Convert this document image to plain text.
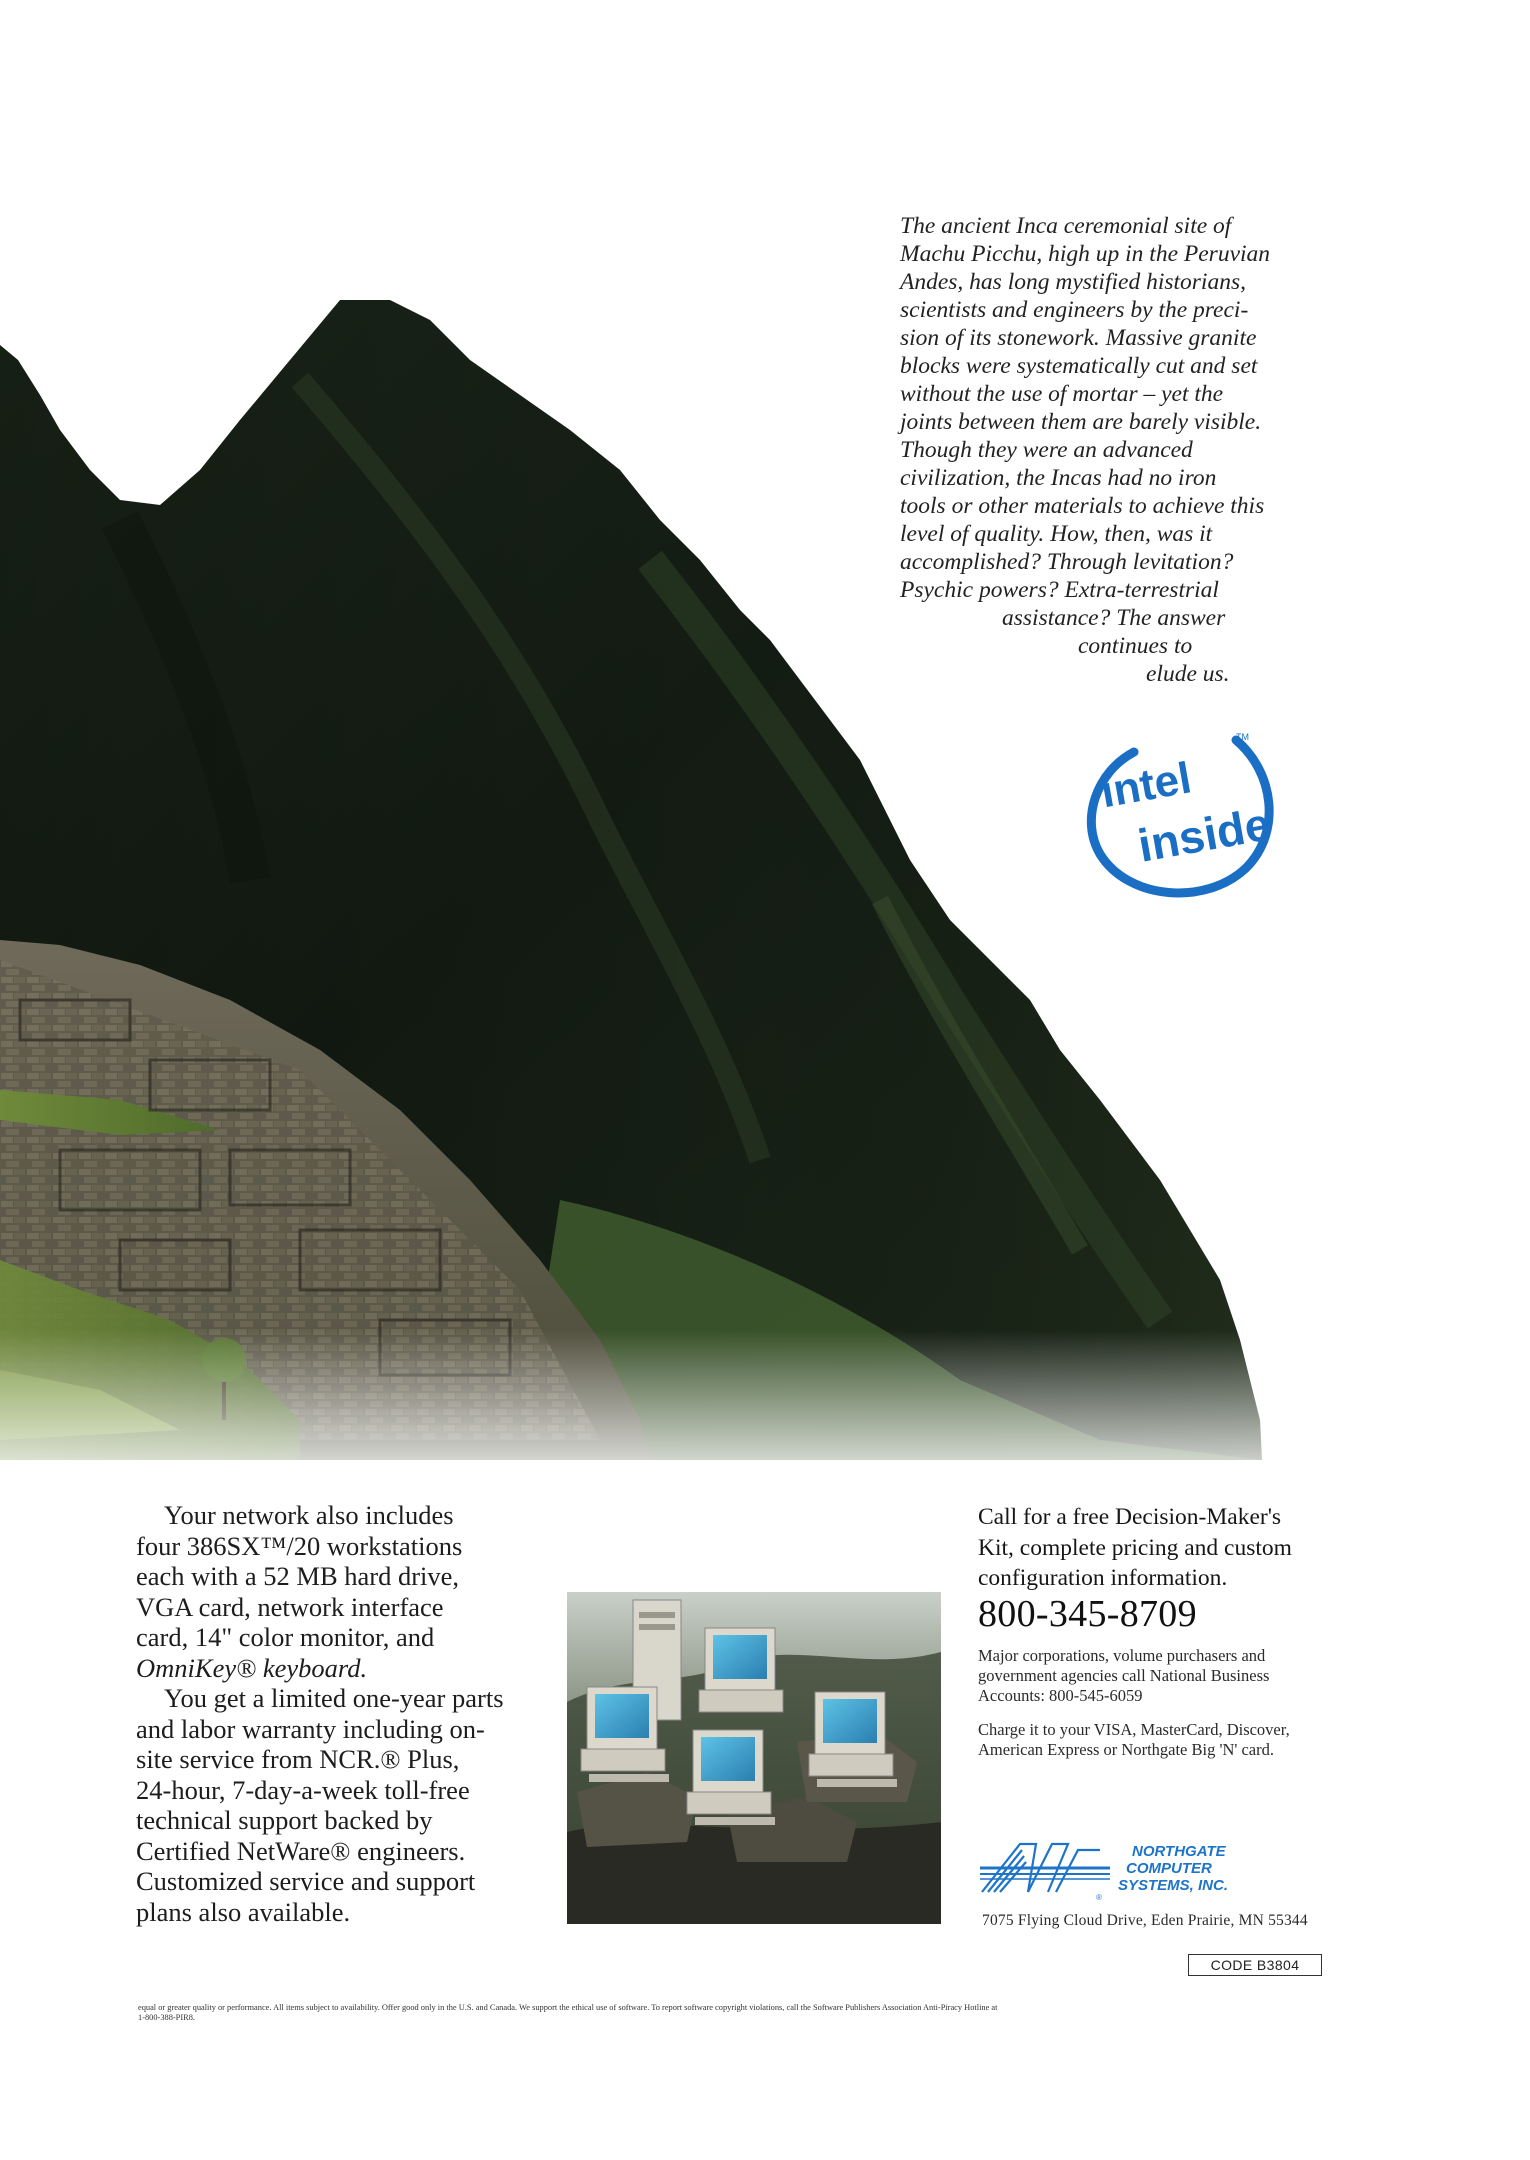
The ancient Inca ceremonial site of
Machu Picchu, high up in the Peruvian
Andes, has long mystified historians,
scientists and engineers by the preci-
sion of its stonework. Massive granite
blocks were systematically cut and set
without the use of mortar – yet the
joints between them are barely visible.
Though they were an advanced
civilization, the Incas had no iron
tools or other materials to achieve this
level of quality. How, then, was it
accomplished? Through levitation?
Psychic powers? Extra-terrestrial
assistance? The answer
continues to
elude us.
intel
inside
TM
Your network also includes
four 386SX™/20 workstations
each with a 52 MB hard drive,
VGA card, network interface
card, 14" color monitor, and
OmniKey® keyboard.
You get a limited one-year parts
and labor warranty including on-
site service from NCR.® Plus,
24-hour, 7-day-a-week toll-free
technical support backed by
Certified NetWare® engineers.
Customized service and support
plans also available.
Call for a free Decision-Maker's
Kit, complete pricing and custom
configuration information.
800-345-8709
Major corporations, volume purchasers and
government agencies call National Business
Accounts: 800-545-6059
Charge it to your VISA, MasterCard, Discover,
American Express or Northgate Big 'N' card.
®
NORTHGATE
COMPUTER
SYSTEMS, INC.
7075 Flying Cloud Drive, Eden Prairie, MN 55344
CODE B3804
equal or greater quality or performance. All items subject to availability. Offer good only in the U.S. and Canada. We support the ethical use of software. To report software copyright violations, call the Software Publishers Association Anti-Piracy Hotline at
1-800-388-PIR8.
